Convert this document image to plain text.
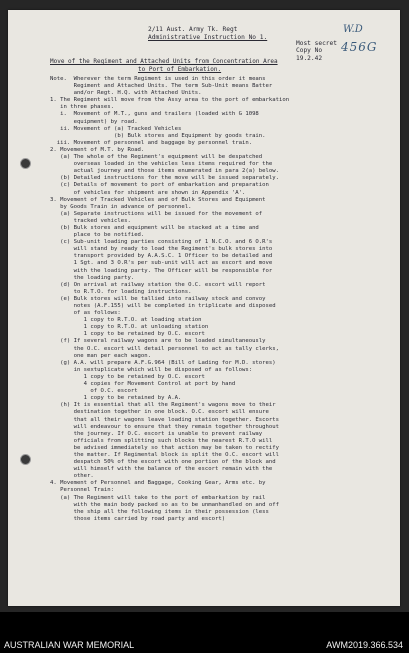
W.D
456G
2/11 Aust. Army Tk. Regt
Administrative Instruction No 1.
Most secret
Copy No
19.2.42
Move of the Regiment and Attached Units from Concentration Area
to Port of Embarkation.
Note.  Wherever the term Regiment is used in this order it means
Regiment and Attached Units. The term Sub-Unit means Batter
and/or Regt. H.Q. with Attached Units.
1. The Regiment will move from the Assy area to the port of embarkation
in three phases.
i.  Movement of M.T., guns and trailers (loaded with G 1098
equipment) by road.
ii. Movement of (a) Tracked Vehicles
(b) Bulk stores and Equipment by goods train.
iii. Movement of personnel and baggage by personnel train.
2. Movement of M.T. by Road.
(a) The whole of the Regiment's equipment will be despatched
overseas loaded in the vehicles less items required for the
actual journey and those items enumerated in para 2(a) below.
(b) Detailed instructions for the move will be issued separately.
(c) Details of movement to port of embarkation and preparation
of vehicles for shipment are shown in Appendix 'A'.
3. Movement of Tracked Vehicles and of Bulk Stores and Equipment
by Goods Train in advance of personnel.
(a) Separate instructions will be issued for the movement of
tracked vehicles.
(b) Bulk stores and equipment will be stacked at a time and
place to be notified.
(c) Sub-unit loading parties consisting of 1 N.C.O. and 6 O.R's
will stand by ready to load the Regiment's bulk stores into
transport provided by A.A.S.C. 1 Officer to be detailed and
1 Sgt. and 3 O.R's per sub-unit will act as escort and move
with the loading party. The Officer will be responsible for
the loading party.
(d) On arrival at railway station the O.C. escort will report
to R.T.O. for loading instructions.
(e) Bulk stores will be tallied into railway stock and convoy
notes (A.F.155) will be completed in triplicate and disposed
of as follows:
1 copy to R.T.O. at loading station
1 copy to R.T.O. at unloading station
1 copy to be retained by O.C. escort
(f) If several railway wagons are to be loaded simultaneously
the O.C. escort will detail personnel to act as tally clerks,
one man per each wagon.
(g) A.A. will prepare A.F.G.964 (Bill of Lading for M.D. stores)
in sextuplicate which will be disposed of as follows:
1 copy to be retained by O.C. escort
4 copies for Movement Control at port by hand
of O.C. escort
1 copy to be retained by A.A.
(h) It is essential that all the Regiment's wagons move to their
destination together in one block. O.C. escort will ensure
that all their wagons leave loading station together. Escorts
will endeavour to ensure that they remain together throughout
the journey. If O.C. escort is unable to prevent railway
officials from splitting such blocks the nearest R.T.O will
be advised immediately so that action may be taken to rectify
the matter. If Regimental block is split the O.C. escort will
despatch 50% of the escort with one portion of the block and
will himself with the balance of the escort remain with the
other.
4. Movement of Personnel and Baggage, Cooking Gear, Arms etc. by
Personnel Train:
(a) The Regiment will take to the port of embarkation by rail
with the main body packed so as to be unmanhandled on and off
the ship all the following items in their possession (less
those items carried by road party and escort)
AUSTRALIAN WAR MEMORIAL	AWM2019.366.534
